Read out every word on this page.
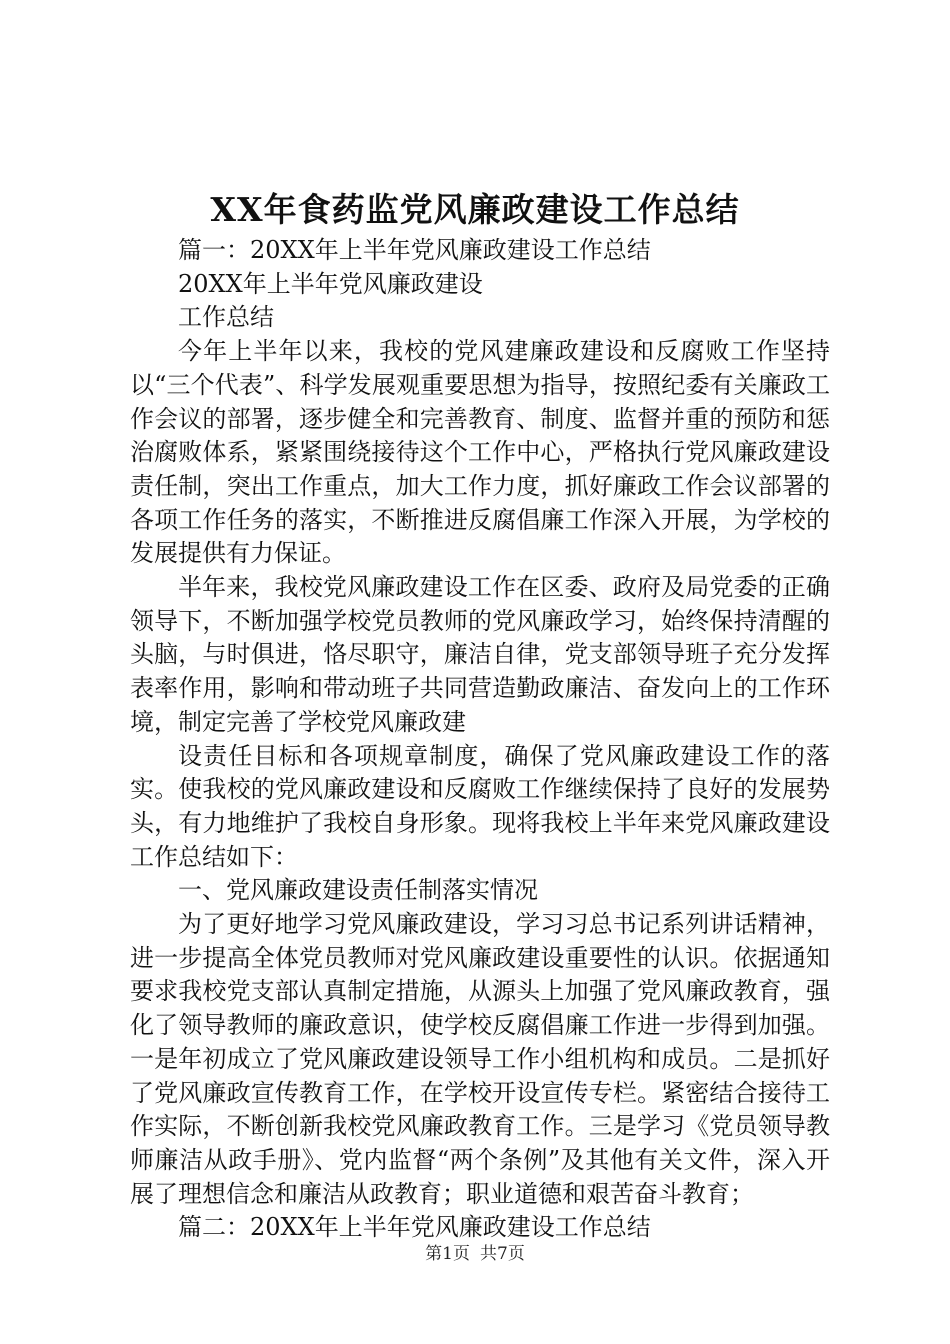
XX年食药监党风廉政建设工作总结

篇一：20XX年上半年党风廉政建设工作总结

20XX年上半年党风廉政建设

工作总结

今年上半年以来，我校的党风建廉政建设和反腐败工作坚持以“三个代表”、科学发展观重要思想为指导，按照纪委有关廉政工作会议的部署，逐步健全和完善教育、制度、监督并重的预防和惩治腐败体系，紧紧围绕接待这个工作中心，严格执行党风廉政建设责任制，突出工作重点，加大工作力度，抓好廉政工作会议部署的各项工作任务的落实，不断推进反腐倡廉工作深入开展，为学校的发展提供有力保证。

半年来，我校党风廉政建设工作在区委、政府及局党委的正确领导下，不断加强学校党员教师的党风廉政学习，始终保持清醒的头脑，与时俱进，恪尽职守，廉洁自律，党支部领导班子充分发挥表率作用，影响和带动班子共同营造勤政廉洁、奋发向上的工作环境，制定完善了学校党风廉政建

设责任目标和各项规章制度，确保了党风廉政建设工作的落实。使我校的党风廉政建设和反腐败工作继续保持了良好的发展势头，有力地维护了我校自身形象。现将我校上半年来党风廉政建设工作总结如下：

一、党风廉政建设责任制落实情况

为了更好地学习党风廉政建设，学习习总书记系列讲话精神，进一步提高全体党员教师对党风廉政建设重要性的认识。依据通知要求我校党支部认真制定措施，从源头上加强了党风廉政教育，强化了领导教师的廉政意识，使学校反腐倡廉工作进一步得到加强。一是年初成立了党风廉政建设领导工作小组机构和成员。二是抓好了党风廉政宣传教育工作，在学校开设宣传专栏。紧密结合接待工作实际，不断创新我校党风廉政教育工作。三是学习《党员领导教师廉洁从政手册》、党内监督“两个条例”及其他有关文件，深入开展了理想信念和廉洁从政教育；职业道德和艰苦奋斗教育；

篇二：20XX年上半年党风廉政建设工作总结

第1页 共7页
